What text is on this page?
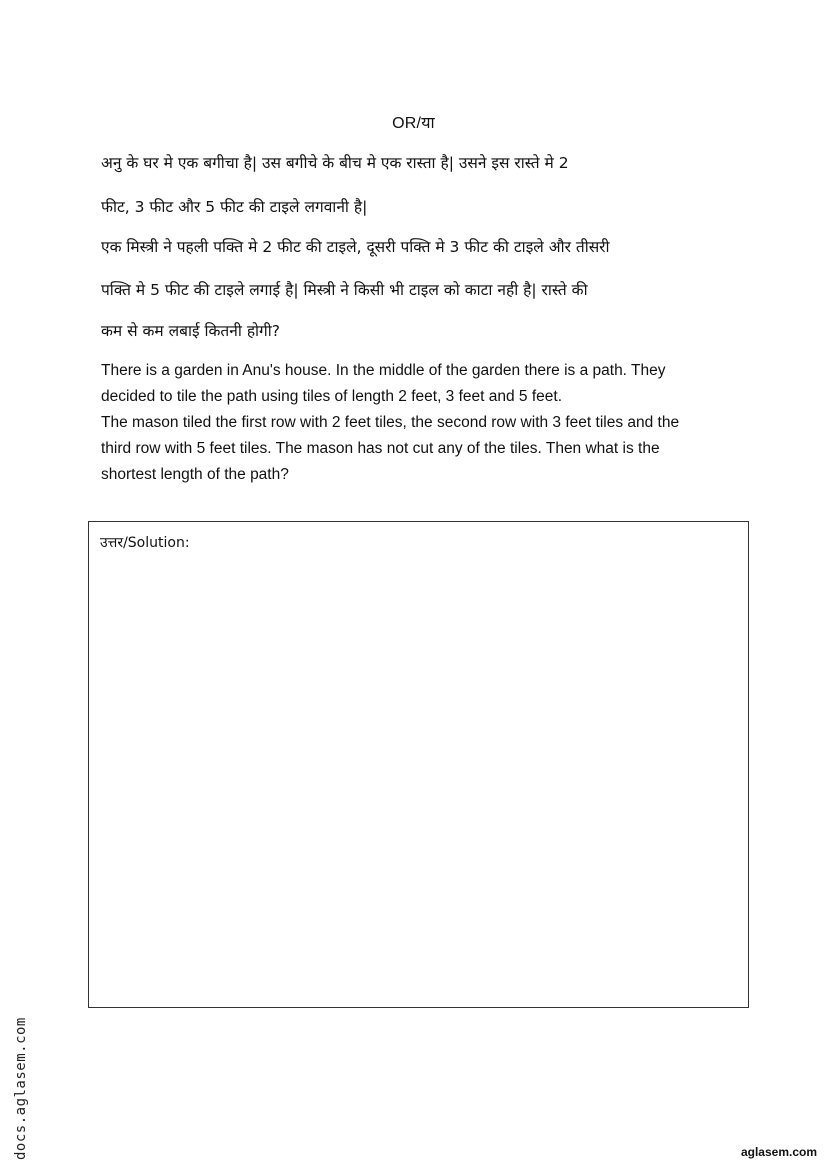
OR/या

अनु के घर मे एक बगीचा है| उस बगीचे के बीच मे एक रास्ता है| उसने इस रास्ते मे 2

फीट, 3 फीट और 5 फीट की टाइले लगवानी है|

एक मिस्त्री ने पहली पक्ति मे 2 फीट की टाइले, दूसरी पक्ति मे 3 फीट की टाइले और तीसरी

पक्ति मे 5 फीट की टाइले लगाई है| मिस्त्री ने किसी भी टाइल को काटा नही है| रास्ते की

कम से कम लबाई कितनी होगी?

There is a garden in Anu's house. In the middle of the garden there is a path. They

decided to tile the path using tiles of length 2 feet, 3 feet and 5 feet.

The mason tiled the first row with 2 feet tiles, the second row with 3 feet tiles and the

third row with 5 feet tiles. The mason has not cut any of the tiles. Then what is the

shortest length of the path?

उत्तर/Solution:
docs.aglasem.com	aglasem.com
